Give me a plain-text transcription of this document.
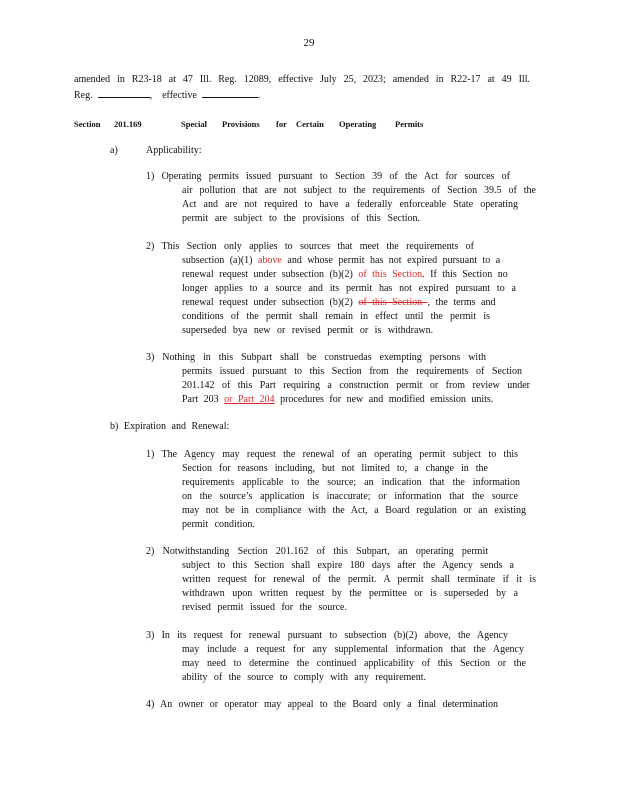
29
amended in R23-18 at 47 Ill. Reg. 12089, effective July 25, 2023; amended in R22-17 at 49 Ill.
Reg.	,    effective	.
Section 201.169	Special Provisions for Certain Operating Permits
a)	Applicability:
1) Operating permits issued pursuant to Section 39 of the Act for sources of
air pollution that are not subject to the requirements of Section 39.5 of the
Act and are not required to have a federally enforceable State operating
permit are subject to the provisions of this Section.
2) This Section only applies to sources that meet the requirements of
subsection (a)(1) above and whose permit has not expired pursuant to a
renewal request under subsection (b)(2) of this Section. If this Section no
longer applies to a source and its permit has not expired pursuant to a
renewal request under subsection (b)(2) of this Section , the terms and
conditions of the permit shall remain in effect until the permit is
superseded bya new or revised permit or is withdrawn.
3) Nothing in this Subpart shall be construedas exempting persons with
permits issued pursuant to this Section from the requirements of Section
201.142 of this Part requiring a construction permit or from review under
Part 203 or Part 204 procedures for new and modified emission units.
b) Expiration and Renewal:
1) The Agency may request the renewal of an operating permit subject to this
Section for reasons including, but not limited to, a change in the
requirements applicable to the source; an indication that the information
on the source’s application is inaccurate; or information that the source
may not be in compliance with the Act, a Board regulation or an existing
permit condition.
2) Notwithstanding Section 201.162 of this Subpart, an operating permit
subject to this Section shall expire 180 days after the Agency sends a
written request for renewal of the permit. A permit shall terminate if it is
withdrawn upon written request by the permittee or is superseded by a
revised permit issued for the source.
3) In its request for renewal pursuant to subsection (b)(2) above, the Agency
may include a request for any supplemental information that the Agency
may need to determine the continued applicability of this Section or the
ability of the source to comply with any requirement.
4) An owner or operator may appeal to the Board only a final determination
